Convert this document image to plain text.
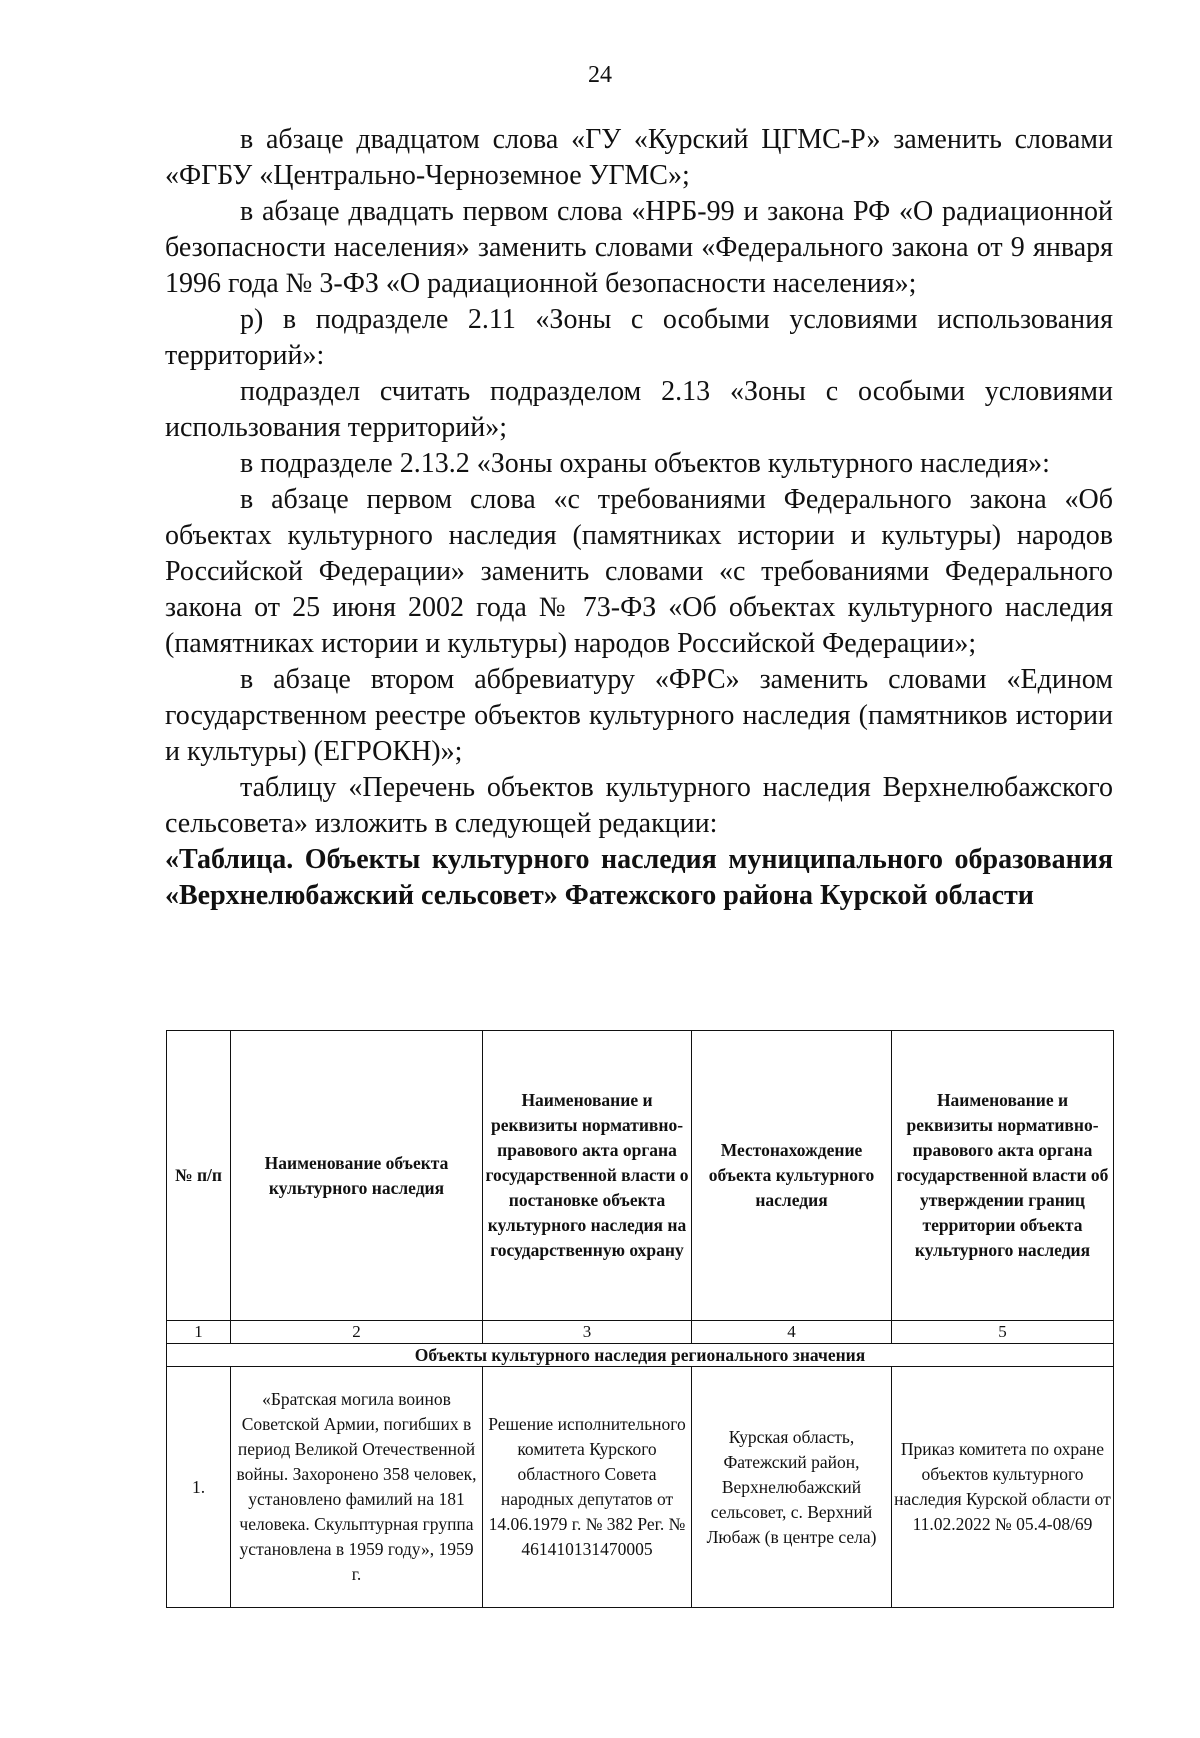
24

в абзаце двадцатом слова «ГУ «Курский ЦГМС-Р» заменить словами «ФГБУ «Центрально-Черноземное УГМС»;

в абзаце двадцать первом слова «НРБ-99 и закона РФ «О радиационной безопасности населения» заменить словами «Федерального закона от 9 января 1996 года № 3-ФЗ «О радиационной безопасности населения»;

р) в подразделе 2.11 «Зоны с особыми условиями использования территорий»:

подраздел считать подразделом 2.13 «Зоны с особыми условиями использования территорий»;

в подразделе 2.13.2 «Зоны охраны объектов культурного наследия»:

в абзаце первом слова «с требованиями Федерального закона «Об объектах культурного наследия (памятниках истории и культуры) народов Российской Федерации» заменить словами «с требованиями Федерального закона от 25 июня 2002 года № 73-ФЗ «Об объектах культурного наследия (памятниках истории и культуры) народов Российской Федерации»;

в абзаце втором аббревиатуру «ФРС» заменить словами «Едином государственном реестре объектов культурного наследия (памятников истории и культуры) (ЕГРОКН)»;

таблицу «Перечень объектов культурного наследия Верхнелюбажского сельсовета» изложить в следующей редакции:

«Таблица. Объекты культурного наследия муниципального образования «Верхнелюбажский сельсовет» Фатежского района Курской области

№ п/п	Наименование объекта культурного наследия	Наименование и реквизиты нормативно-правового акта органа государственной власти о постановке объекта культурного наследия на государственную охрану	Местонахождение объекта культурного наследия	Наименование и реквизиты нормативно-правового акта органа государственной власти об утверждении границ территории объекта культурного наследия
1	2	3	4	5
Объекты культурного наследия регионального значения				
1.	«Братская могила воинов Советской Армии, погибших в период Великой Отечественной войны. Захоронено 358 человек, установлено фамилий на 181 человека. Скульптурная группа установлена в 1959 году», 1959 г.	Решение исполнительного комитета Курского областного Совета народных депутатов от 14.06.1979 г. № 382 Рег. № 461410131470005	Курская область, Фатежский район, Верхнелюбажский сельсовет, с. Верхний Любаж (в центре села)	Приказ комитета по охране объектов культурного наследия Курской области от 11.02.2022 № 05.4-08/69
